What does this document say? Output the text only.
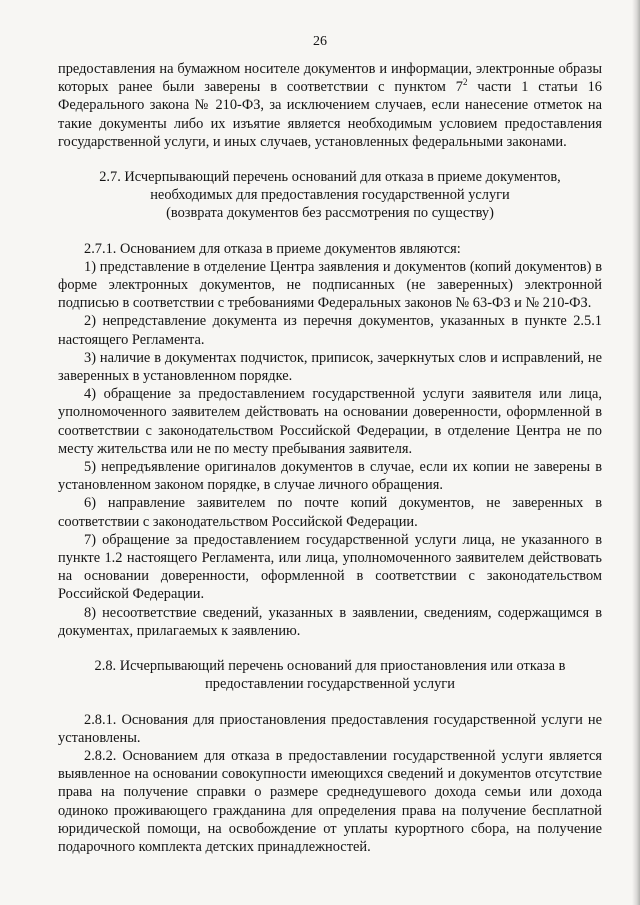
26

предоставления на бумажном носителе документов и информации, электронные образы которых ранее были заверены в соответствии с пунктом $7^2$ части 1 статьи 16 Федерального закона № 210-ФЗ, за исключением случаев, если нанесение отметок на такие документы либо их изъятие является необходимым условием предоставления государственной услуги, и иных случаев, установленных федеральными законами.

2.7. Исчерпывающий перечень оснований для отказа в приеме документов,

необходимых для предоставления государственной услуги

(возврата документов без рассмотрения по существу)

2.7.1. Основанием для отказа в приеме документов являются:

1) представление в отделение Центра заявления и документов (копий документов) в форме электронных документов, не подписанных (не заверенных) электронной подписью в соответствии с требованиями Федеральных законов № 63-ФЗ и № 210-ФЗ.

2) непредставление документа из перечня документов, указанных в пункте 2.5.1 настоящего Регламента.

3) наличие в документах подчисток, приписок, зачеркнутых слов и исправлений, не заверенных в установленном порядке.

4) обращение за предоставлением государственной услуги заявителя или лица, уполномоченного заявителем действовать на основании доверенности, оформленной в соответствии с законодательством Российской Федерации, в отделение Центра не по месту жительства или не по месту пребывания заявителя.

5) непредъявление оригиналов документов в случае, если их копии не заверены в установленном законом порядке, в случае личного обращения.

6) направление заявителем по почте копий документов, не заверенных в соответствии с законодательством Российской Федерации.

7) обращение за предоставлением государственной услуги лица, не указанного в пункте 1.2 настоящего Регламента, или лица, уполномоченного заявителем действовать на основании доверенности, оформленной в соответствии с законодательством Российской Федерации.

8) несоответствие сведений, указанных в заявлении, сведениям, содержащимся в документах, прилагаемых к заявлению.

2.8. Исчерпывающий перечень оснований для приостановления или отказа в

предоставлении государственной услуги

2.8.1. Основания для приостановления предоставления государственной услуги не установлены.

2.8.2. Основанием для отказа в предоставлении государственной услуги является выявленное на основании совокупности имеющихся сведений и документов отсутствие права на получение справки о размере среднедушевого дохода семьи или дохода одиноко проживающего гражданина для определения права на получение бесплатной юридической помощи, на освобождение от уплаты курортного сбора, на получение подарочного комплекта детских принадлежностей.
